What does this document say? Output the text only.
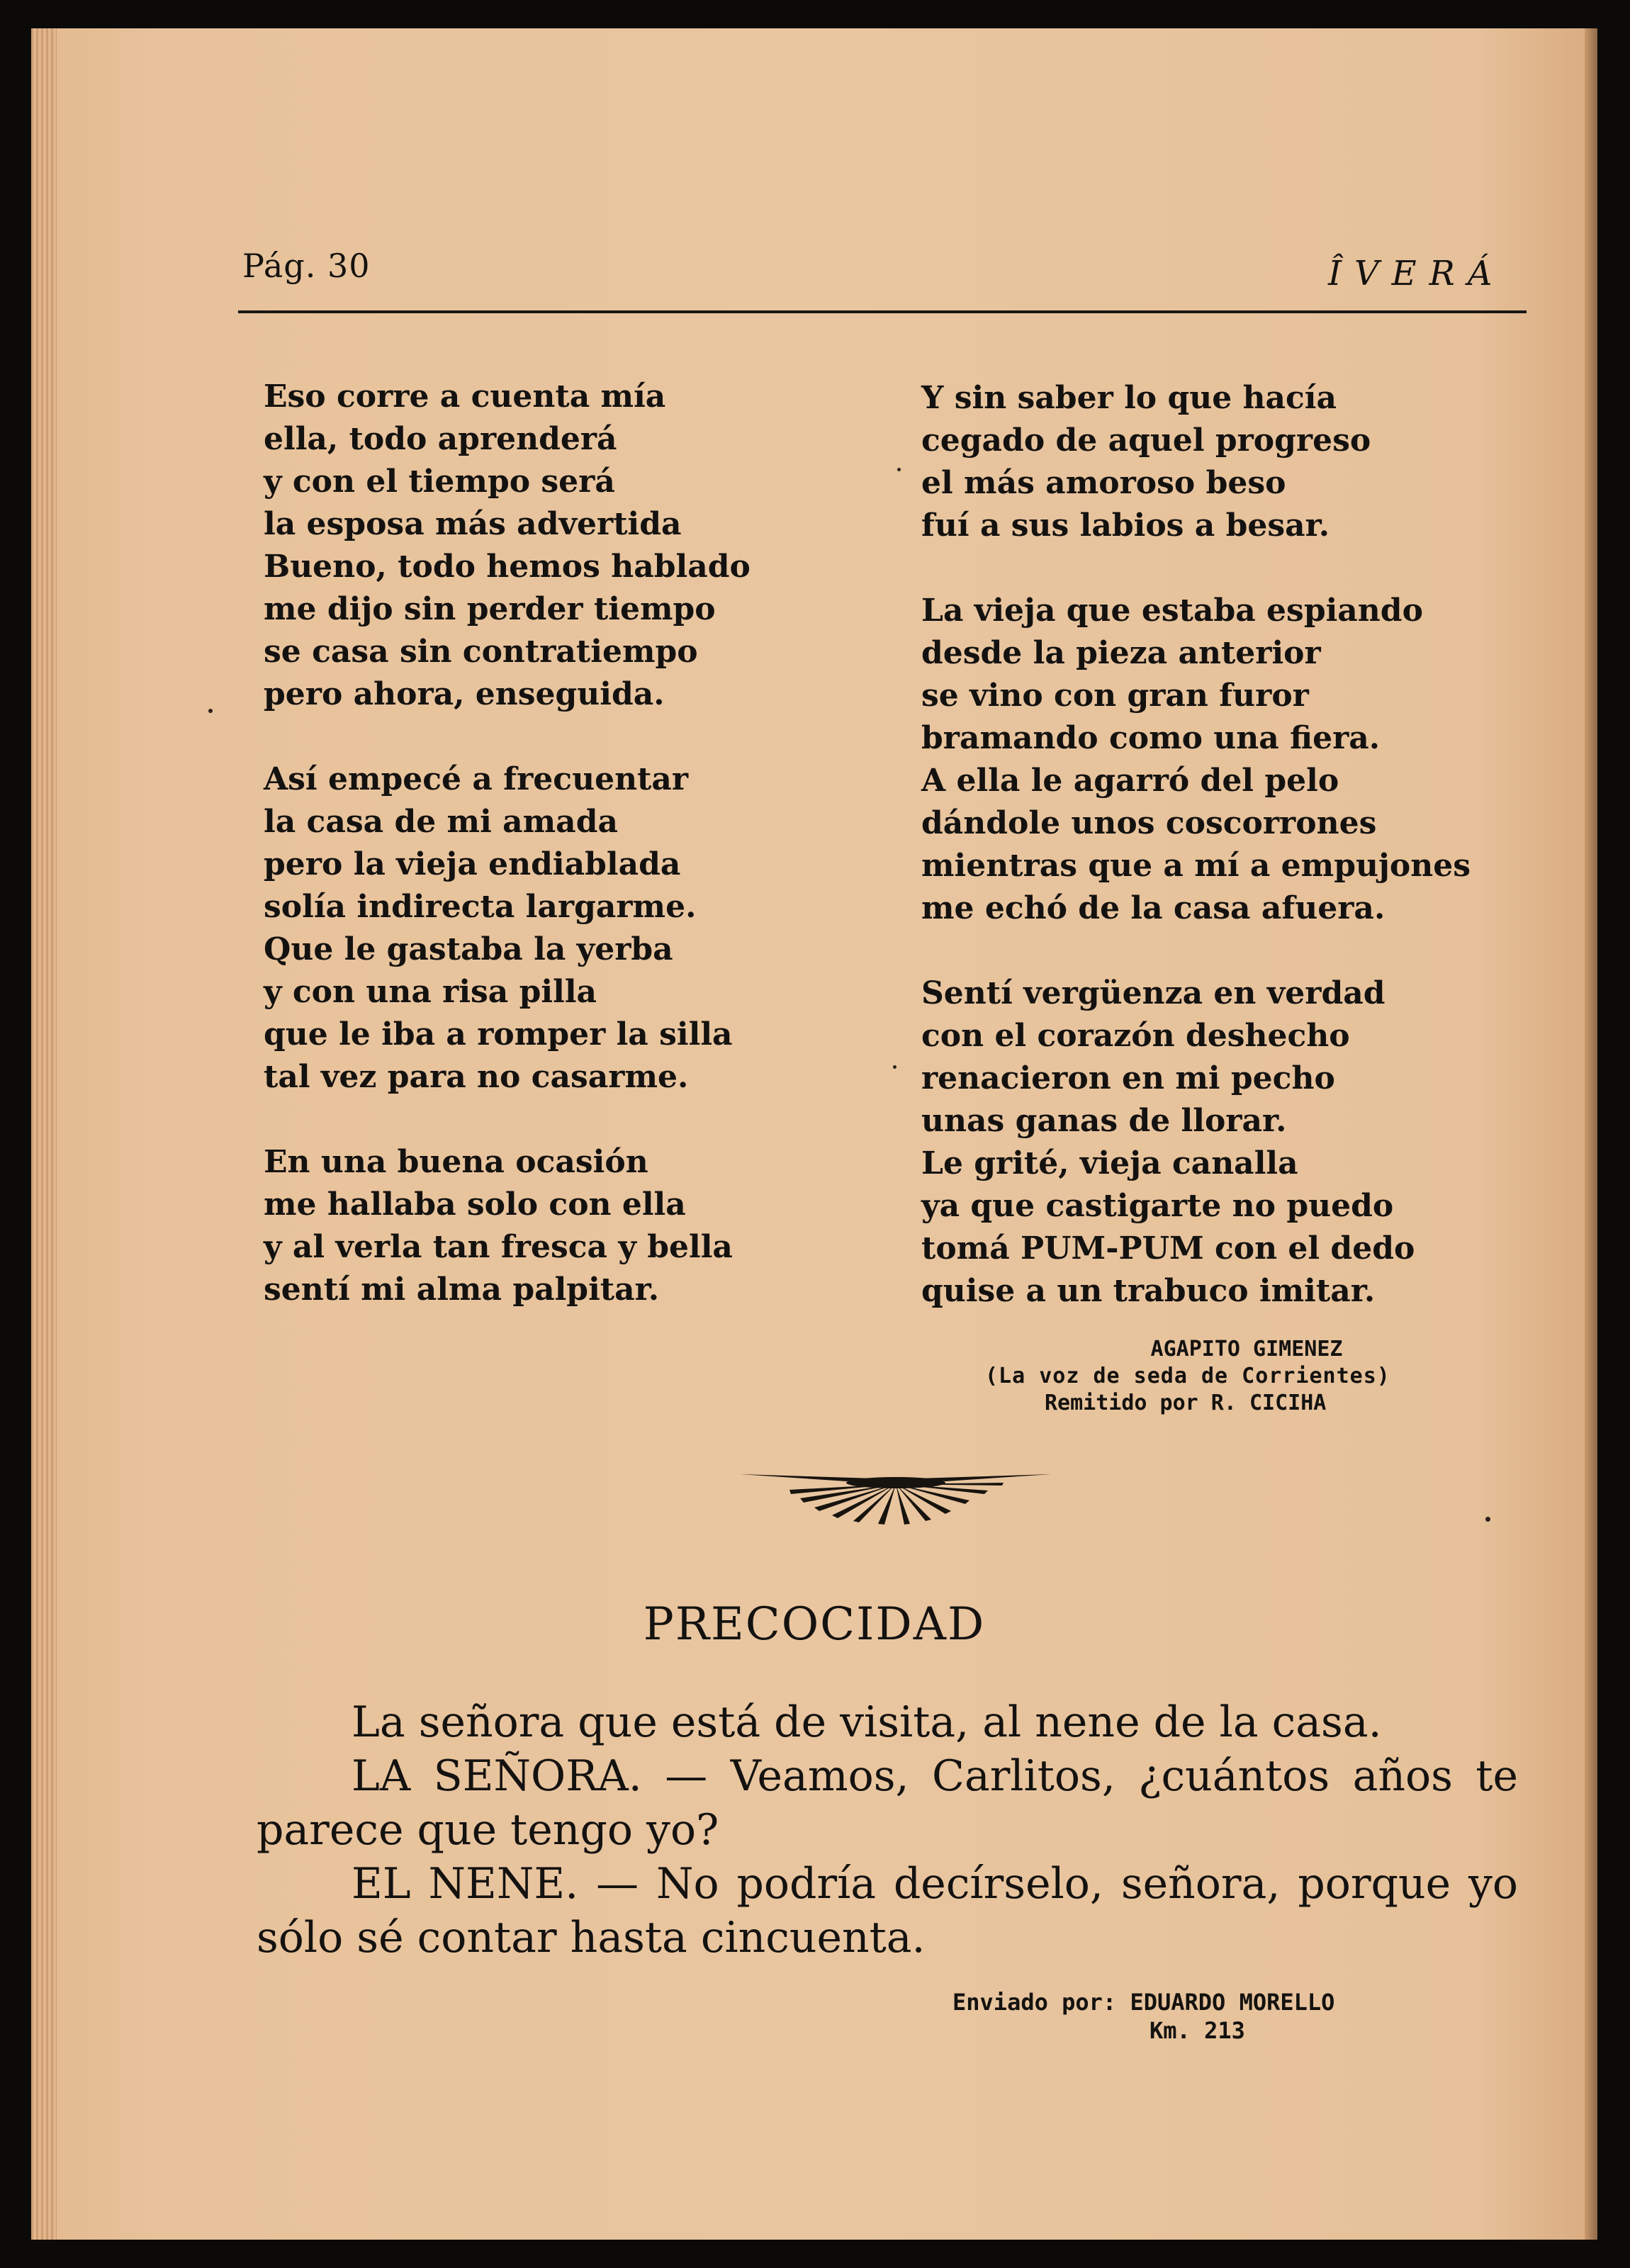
Pág. 30	ÎVERÁ
Eso corre a cuenta mía
ella, todo aprenderá
y con el tiempo será
la esposa más advertida
Bueno, todo hemos hablado
me dijo sin perder tiempo
se casa sin contratiempo
pero ahora, enseguida.
Así empecé a frecuentar
la casa de mi amada
pero la vieja endiablada
solía indirecta largarme.
Que le gastaba la yerba
y con una risa pilla
que le iba a romper la silla
tal vez para no casarme.
En una buena ocasión
me hallaba solo con ella
y al verla tan fresca y bella
sentí mi alma palpitar.
Y sin saber lo que hacía
cegado de aquel progreso
el más amoroso beso
fuí a sus labios a besar.
La vieja que estaba espiando
desde la pieza anterior
se vino con gran furor
bramando como una fiera.
A ella le agarró del pelo
dándole unos coscorrones
mientras que a mí a empujones
me echó de la casa afuera.
Sentí vergüenza en verdad
con el corazón deshecho
renacieron en mi pecho
unas ganas de llorar.
Le grité, vieja canalla
ya que castigarte no puedo
tomá PUM-PUM con el dedo
quise a un trabuco imitar.
AGAPITO GIMENEZ
(La voz de seda de Corrientes)
Remitido por R. CICIHA
PRECOCIDAD

La señora que está de visita, al nene de la casa.

LA SEÑORA. — Veamos, Carlitos, ¿cuántos años te parece que tengo yo?

EL NENE. — No podría decírselo, señora, porque yo sólo sé contar hasta cincuenta.

Enviado por: EDUARDO MORELLO
Km. 213
